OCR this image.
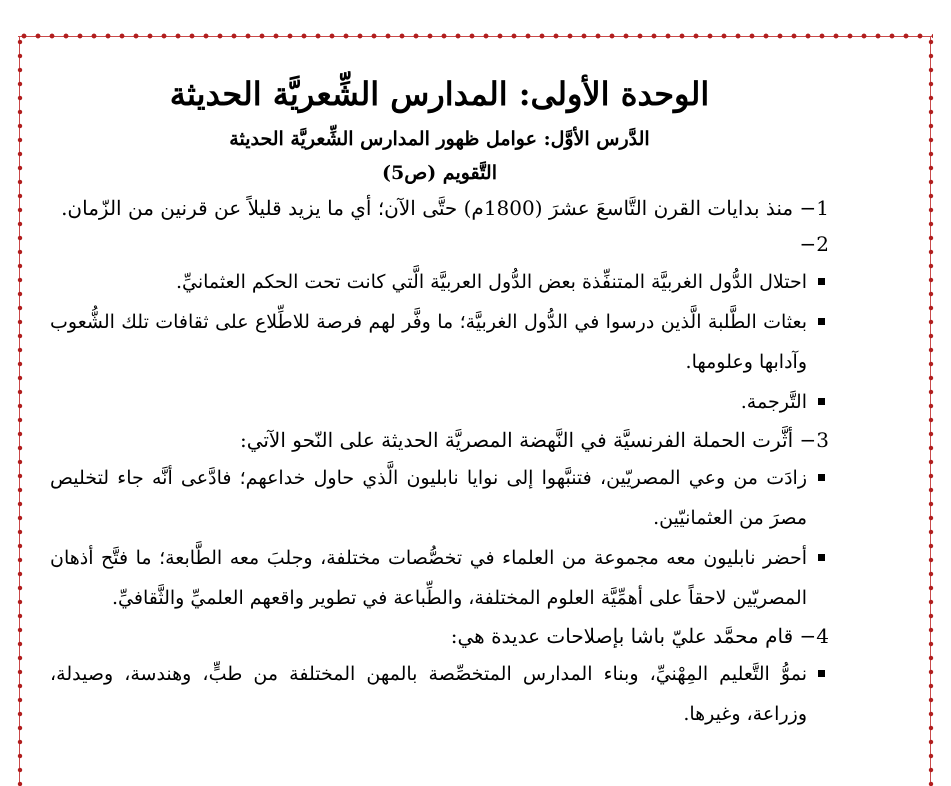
الوحدة الأولى: المدارس الشِّعريَّة الحديثة
الدَّرس الأوَّل: عوامل ظهور المدارس الشِّعريَّة الحديثة
التَّقويم (ص5)

1− منذ بدايات القرن التَّاسعَ عشرَ (1800م) حتَّى الآن؛ أي ما يزيد قليلاً عن قرنين من الزّمان.

2−

احتلال الدُّول الغربيَّة المتنفِّذة بعض الدُّول العربيَّة الَّتي كانت تحت الحكم العثمانيِّ.
بعثات الطَّلبة الَّذين درسوا في الدُّول الغربيَّة؛ ما وفَّر لهم فرصة للاطِّلاع على ثقافات تلك الشُّعوب وآدابها وعلومها.
التَّرجمة.

3− أثَّرت الحملة الفرنسيَّة في النَّهضة المصريَّة الحديثة على النّحو الآتي:

زادَت من وعي المصريّين، فتنبَّهوا إلى نوايا نابليون الَّذي حاول خداعهم؛ فادَّعى أنَّه جاء لتخليص مصرَ من العثمانيّين.
أحضر نابليون معه مجموعة من العلماء في تخصُّصات مختلفة، وجلبَ معه الطَّابعة؛ ما فتَّح أذهان المصريّين لاحقاً على أهمِّيَّة العلوم المختلفة، والطِّباعة في تطوير واقعهم العلميِّ والثَّقافيِّ.

4− قام محمَّد عليّ باشا بإصلاحات عديدة هي:

نموُّ التَّعليم المِهْنيِّ، وبناء المدارس المتخصِّصة بالمهن المختلفة من طبٍّ، وهندسة، وصيدلة، وزراعة، وغيرها.
